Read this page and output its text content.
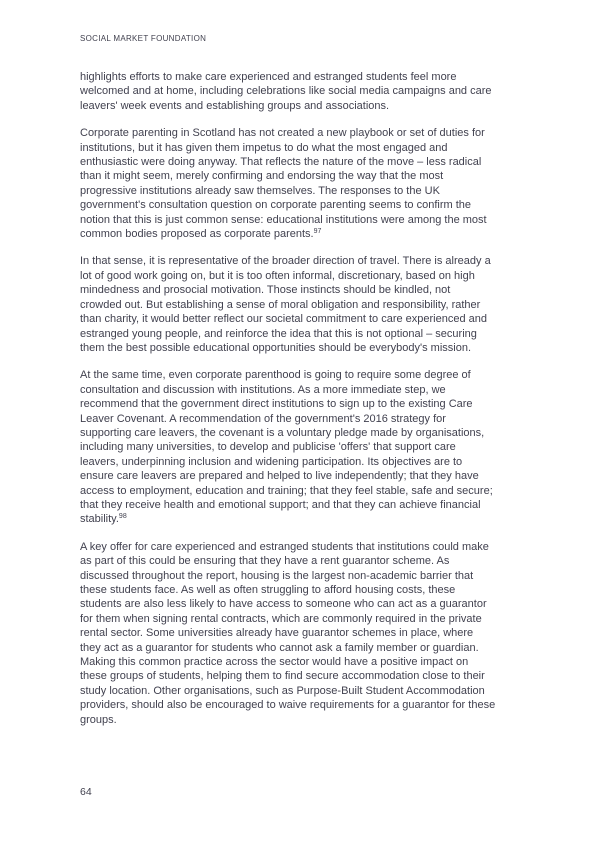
SOCIAL MARKET FOUNDATION

highlights efforts to make care experienced and estranged students feel more
welcomed and at home, including celebrations like social media campaigns and care
leavers' week events and establishing groups and associations.

Corporate parenting in Scotland has not created a new playbook or set of duties for
institutions, but it has given them impetus to do what the most engaged and
enthusiastic were doing anyway. That reflects the nature of the move – less radical
than it might seem, merely confirming and endorsing the way that the most
progressive institutions already saw themselves. The responses to the UK
government's consultation question on corporate parenting seems to confirm the
notion that this is just common sense: educational institutions were among the most
common bodies proposed as corporate parents.$^{97}$

In that sense, it is representative of the broader direction of travel. There is already a
lot of good work going on, but it is too often informal, discretionary, based on high
mindedness and prosocial motivation. Those instincts should be kindled, not
crowded out. But establishing a sense of moral obligation and responsibility, rather
than charity, it would better reflect our societal commitment to care experienced and
estranged young people, and reinforce the idea that this is not optional – securing
them the best possible educational opportunities should be everybody's mission.

At the same time, even corporate parenthood is going to require some degree of
consultation and discussion with institutions. As a more immediate step, we
recommend that the government direct institutions to sign up to the existing Care
Leaver Covenant. A recommendation of the government's 2016 strategy for
supporting care leavers, the covenant is a voluntary pledge made by organisations,
including many universities, to develop and publicise 'offers' that support care
leavers, underpinning inclusion and widening participation. Its objectives are to
ensure care leavers are prepared and helped to live independently; that they have
access to employment, education and training; that they feel stable, safe and secure;
that they receive health and emotional support; and that they can achieve financial
stability.$^{98}$

A key offer for care experienced and estranged students that institutions could make
as part of this could be ensuring that they have a rent guarantor scheme. As
discussed throughout the report, housing is the largest non-academic barrier that
these students face. As well as often struggling to afford housing costs, these
students are also less likely to have access to someone who can act as a guarantor
for them when signing rental contracts, which are commonly required in the private
rental sector. Some universities already have guarantor schemes in place, where
they act as a guarantor for students who cannot ask a family member or guardian.
Making this common practice across the sector would have a positive impact on
these groups of students, helping them to find secure accommodation close to their
study location. Other organisations, such as Purpose-Built Student Accommodation
providers, should also be encouraged to waive requirements for a guarantor for these
groups.

64
